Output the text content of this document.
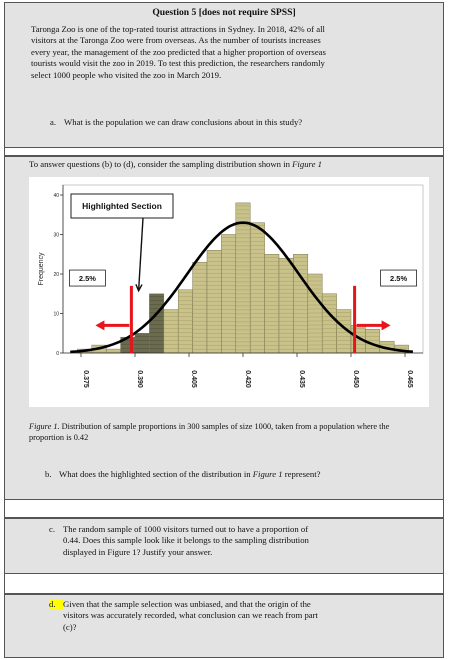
Question 5 [does not require SPSS]
Taronga Zoo is one of the top-rated tourist attractions in Sydney. In 2018, 42% of all
visitors at the Taronga Zoo were from overseas. As the number of tourists increases
every year, the management of the zoo predicted that a higher proportion of overseas
tourists would visit the zoo in 2019. To test this prediction, the researchers randomly
select 1000 people who visited the zoo in March 2019.
a. What is the population we can draw conclusions about in this study?
To answer questions (b) to (d), consider the sampling distribution shown in Figure 1
0
10
20
30
40
0.375	0.390	0.405	0.420	0.435	0.450	0.465
2.5%	2.5%
Highlighted Section
Frequency
Figure 1. Distribution of sample proportions in 300 samples of size 1000, taken from a population where the proportion is 0.42
b. What does the highlighted section of the distribution in Figure 1 represent?
c. The random sample of 1000 visitors turned out to have a proportion of
0.44. Does this sample look like it belongs to the sampling distribution
displayed in Figure 1? Justify your answer.
d. Given that the sample selection was unbiased, and that the origin of the
visitors was accurately recorded, what conclusion can we reach from part
(c)?
